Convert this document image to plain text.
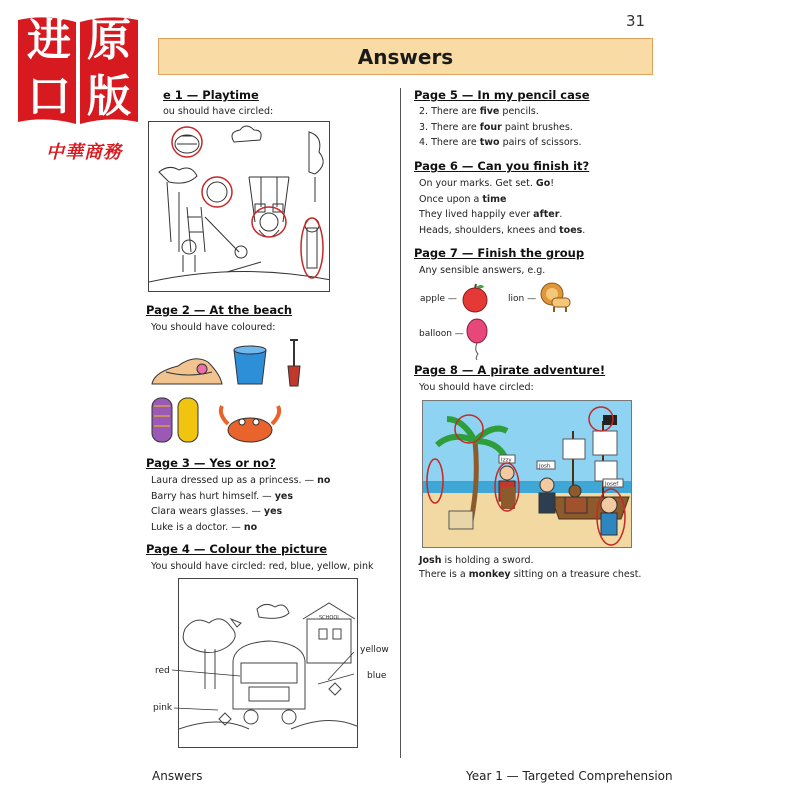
31
进 原
口 版
中華商務
Answers
e 1 — Playtime
ou should have circled:
Page 2 — At the beach
You should have coloured:
Page 3 — Yes or no?
Laura dressed up as a princess. — no
Barry has hurt himself. — yes
Clara wears glasses. — yes
Luke is a doctor. — no
Page 4 — Colour the picture
You should have circled: red, blue, yellow, pink
SCHOOL
red
pink
yellow
blue
Page 5 — In my pencil case
2. There are five pencils.
3. There are four paint brushes.
4. There are two pairs of scissors.
Page 6 — Can you finish it?
On your marks. Get set. Go!
Once upon a time
They lived happily ever after.
Heads, shoulders, knees and toes.
Page 7 — Finish the group
Any sensible answers, e.g.
apple —	lion —
balloon —
Page 8 — A pirate adventure!
You should have circled:
Izzy
Josh
Josef
Josh is holding a sword.
There is a monkey sitting on a treasure chest.
Answers	Year 1 — Targeted Comprehension
